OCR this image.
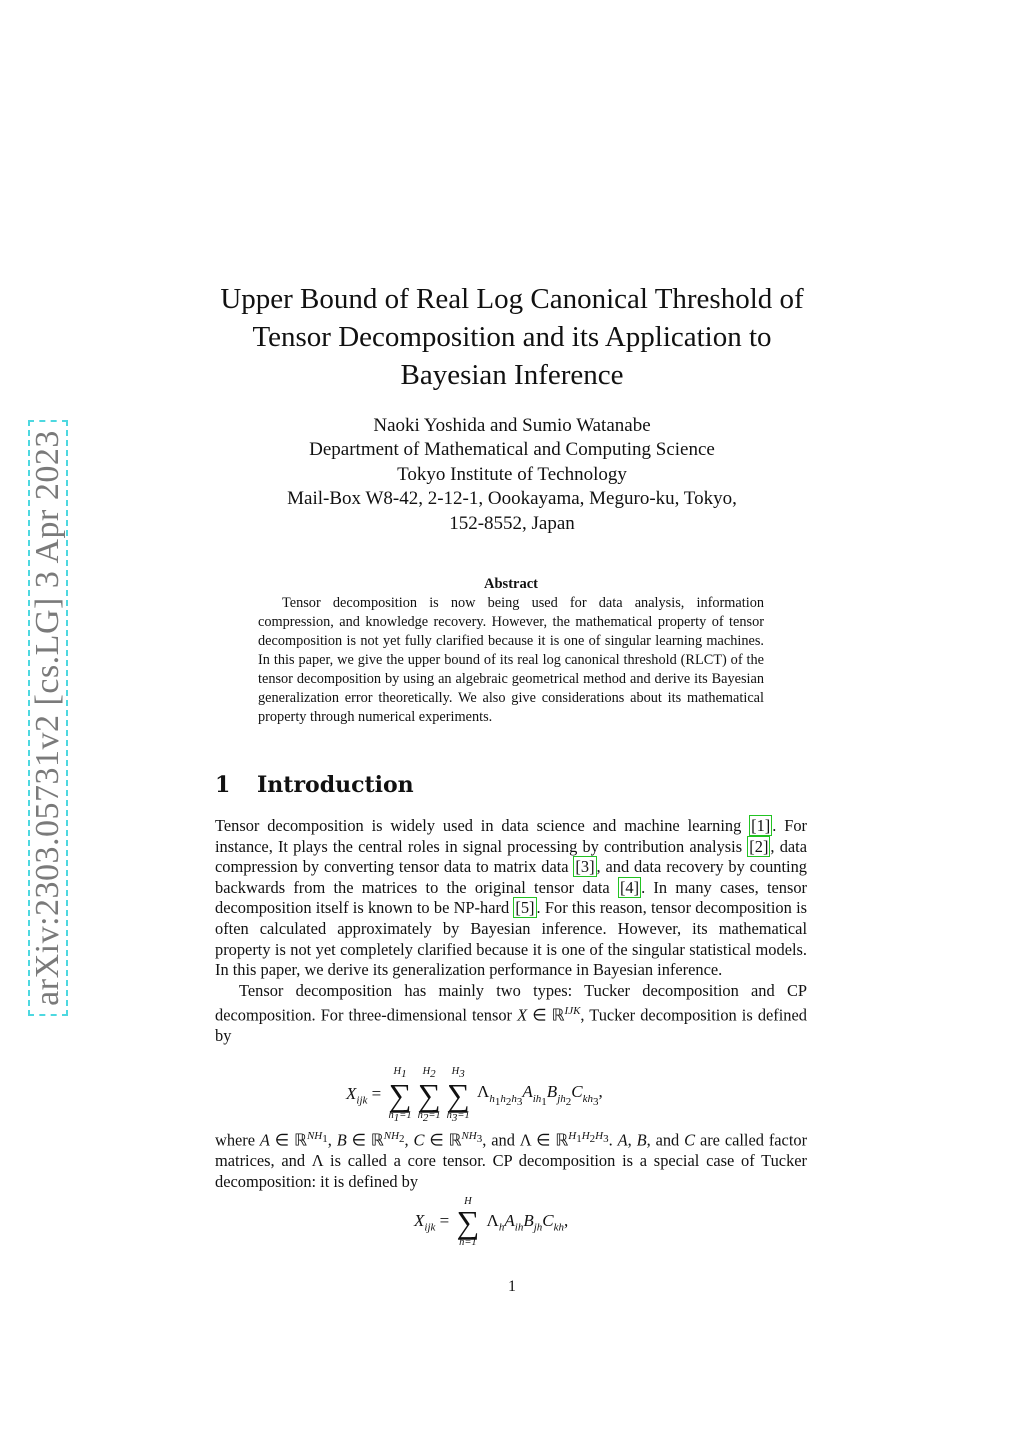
arXiv:2303.05731v2 [cs.LG] 3 Apr 2023
Upper Bound of Real Log Canonical Threshold of
Tensor Decomposition and its Application to
Bayesian Inference
Naoki Yoshida and Sumio Watanabe
Department of Mathematical and Computing Science
Tokyo Institute of Technology
Mail-Box W8-42, 2-12-1, Oookayama, Meguro-ku, Tokyo,
152-8552, Japan
Abstract

Tensor decomposition is now being used for data analysis, information compression, and knowledge recovery. However, the mathematical property of tensor decomposition is not yet fully clarified because it is one of singular learning machines. In this paper, we give the upper bound of its real log canonical threshold (RLCT) of the tensor decomposition by using an algebraic geometrical method and derive its Bayesian generalization error theoretically. We also give considerations about its mathematical property through numerical experiments.

1 Introduction

Tensor decomposition is widely used in data science and machine learning [1] . For instance, It plays the central roles in signal processing by contribution analysis [2] , data compression by converting tensor data to matrix data [3] , and data recovery by counting backwards from the matrices to the original tensor data [4] . In many cases, tensor decomposition itself is known to be NP-hard [5] . For this reason, tensor decomposition is often calculated approximately by Bayesian inference. However, its mathematical property is not yet completely clarified because it is one of the singular statistical models. In this paper, we derive its generalization performance in Bayesian inference.

Tensor decomposition has mainly two types: Tucker decomposition and CP decomposition. For three-dimensional tensor X ∈ ℝ$^{IJK}$, Tucker decomposition is defined by

$X_{ijk}$ =
$H_1$
∑
$h_1=1$
$H_2$
∑
$h_2=1$
$H_3$
∑
$h_3=1$
$\Lambda_{h_1h_2h_3}A_{ih_1}B_{jh_2}C_{kh_3}$,

where A ∈ ℝ$^{NH_1}$, B ∈ ℝ$^{NH_2}$, C ∈ ℝ$^{NH_3}$, and Λ ∈ ℝ$^{H_1H_2H_3}$. A, B, and C are called factor matrices, and Λ is called a core tensor. CP decomposition is a special case of Tucker decomposition: it is defined by

$X_{ijk}$ =
H
∑
h=1
$\Lambda_hA_{ih}B_{jh}C_{kh}$,
1
